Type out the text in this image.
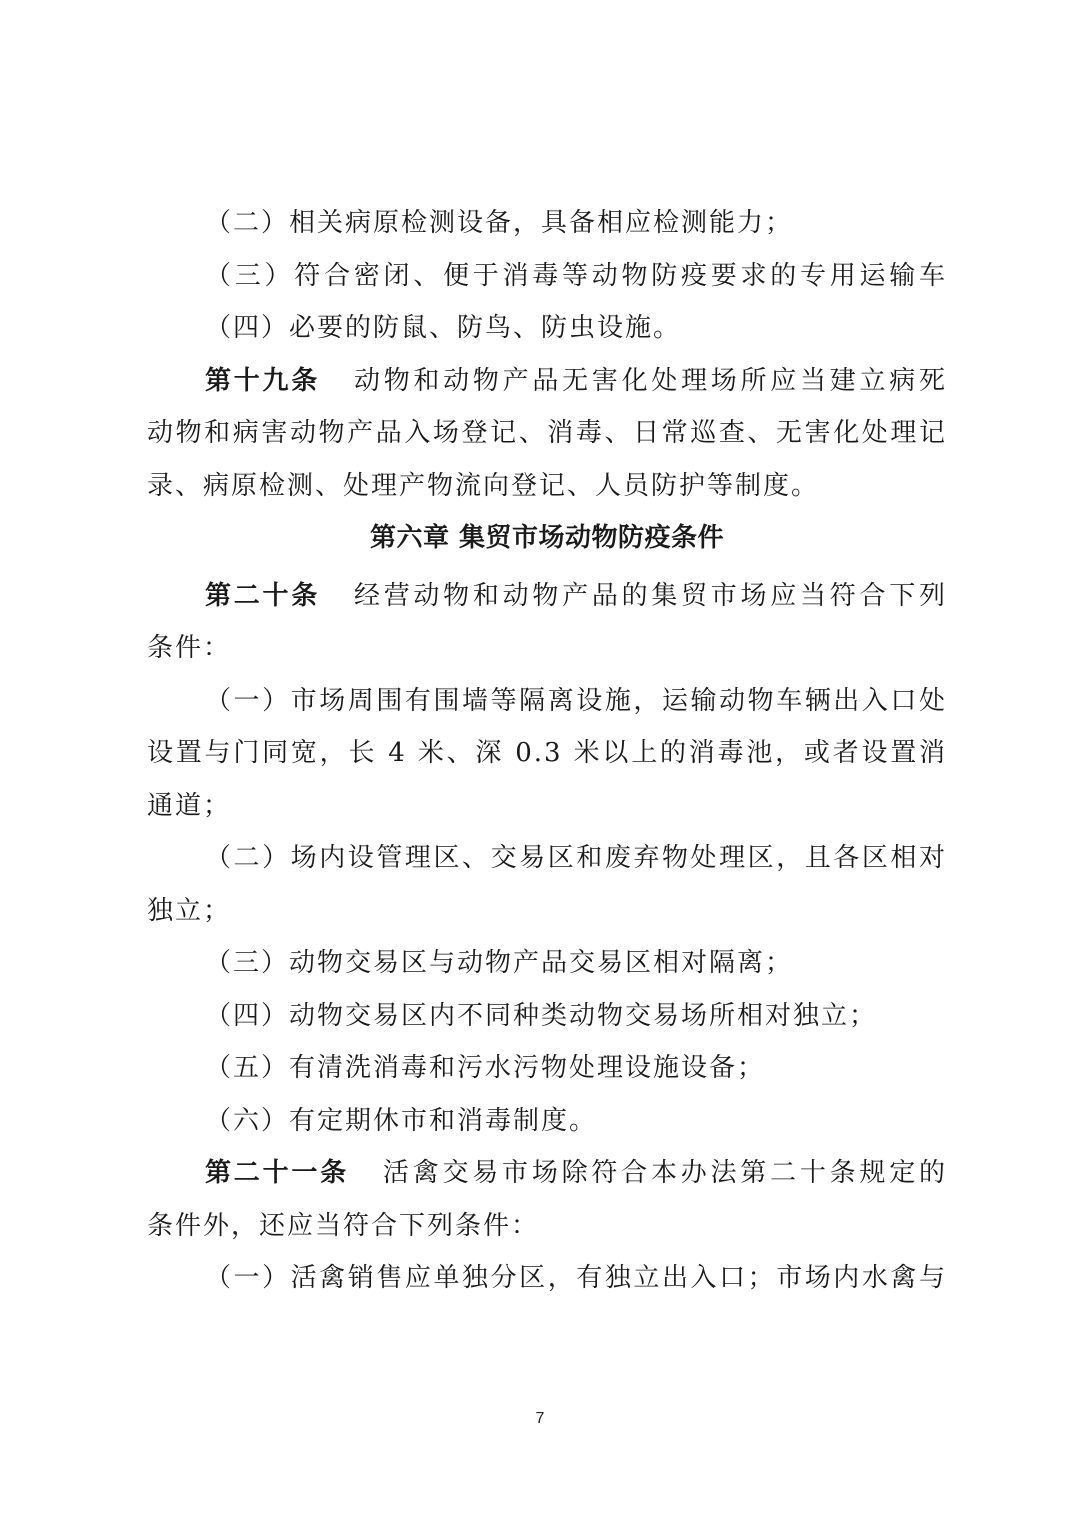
（二）相关病原检测设备，具备相应检测能力；
（三）符合密闭、便于消毒等动物防疫要求的专用运输车
（四）必要的防鼠、防鸟、防虫设施。
第十九条 动物和动物产品无害化处理场所应当建立病死
动物和病害动物产品入场登记、消毒、日常巡查、无害化处理记
录、病原检测、处理产物流向登记、人员防护等制度。
第六章 集贸市场动物防疫条件
第二十条 经营动物和动物产品的集贸市场应当符合下列
条件：
（一）市场周围有围墙等隔离设施，运输动物车辆出入口处
设置与门同宽，长 4 米、深 0.3 米以上的消毒池，或者设置消
通道；
（二）场内设管理区、交易区和废弃物处理区，且各区相对
独立；
（三）动物交易区与动物产品交易区相对隔离；
（四）动物交易区内不同种类动物交易场所相对独立；
（五）有清洗消毒和污水污物处理设施设备；
（六）有定期休市和消毒制度。
第二十一条 活禽交易市场除符合本办法第二十条规定的
条件外，还应当符合下列条件：
（一）活禽销售应单独分区，有独立出入口；市场内水禽与
7
